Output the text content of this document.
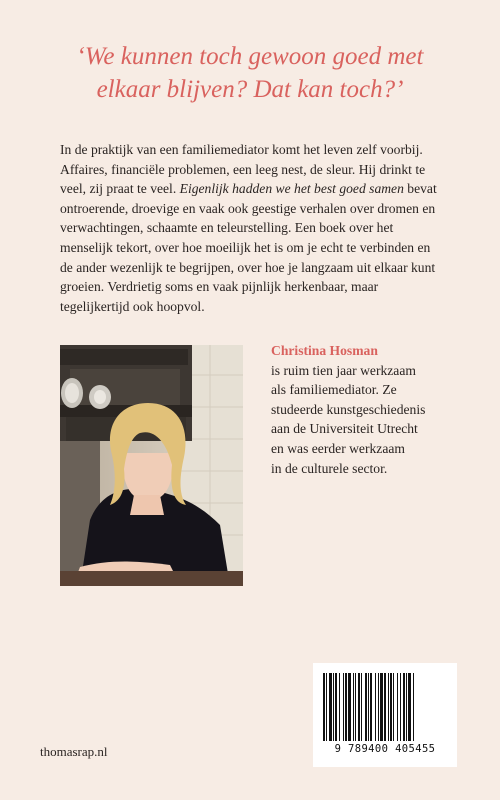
‘We kunnen toch gewoon goed met
elkaar blijven? Dat kan toch?’
In de praktijk van een familiemediator komt het leven zelf voorbij. Affaires, financiële problemen, een leeg nest, de sleur. Hij drinkt te veel, zij praat te veel. Eigenlijk hadden we het best goed samen bevat ontroerende, droevige en vaak ook geestige verhalen over dromen en verwachtingen, schaamte en teleurstelling. Een boek over het menselijk tekort, over hoe moeilijk het is om je echt te verbinden en de ander wezenlijk te begrijpen, over hoe je langzaam uit elkaar kunt groeien. Verdrietig soms en vaak pijnlijk herkenbaar, maar tegelijkertijd ook hoopvol.
Christina Hosman
is ruim tien jaar werkzaam
als familiemediator. Ze
studeerde kunstgeschiedenis
aan de Universiteit Utrecht
en was eerder werkzaam
in de culturele sector.
9 789400 405455
thomasrap.nl
